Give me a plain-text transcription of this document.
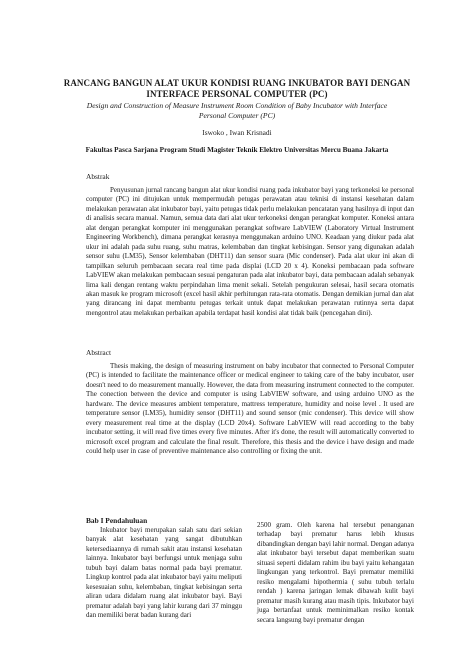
RANCANG BANGUN ALAT UKUR KONDISI RUANG INKUBATOR BAYI DENGAN INTERFACE PERSONAL COMPUTER (PC)
Design and Construction of Measure Instrument Room Condition of Baby Incubator with Interface Personal Computer (PC)
Iswoko , Iwan Krisnadi
Fakultas Pasca Sarjana Program Studi Magister Teknik Elektro Universitas Mercu Buana Jakarta
Abstrak

Penyusunan jurnal rancang bangun alat ukur kondisi ruang pada inkubator bayi yang terkoneksi ke personal computer (PC) ini ditujukan untuk mempermudah petugas perawatan atau teknisi di instansi kesehatan dalam melakukan perawatan alat inkubator bayi, yaitu petugas tidak perlu melakukan pencatatan yang hasilnya di input dan di analisis secara manual. Namun, semua data dari alat ukur terkoneksi dengan perangkat komputer. Koneksi antara alat dengan perangkat komputer ini menggunakan perangkat software LabVIEW (Laboratory Virtual Instrument Engineering Workbench), dimana perangkat kerasnya menggunakan arduino UNO. Keadaan yang diukur pada alat ukur ini adalah pada suhu ruang, suhu matras, kelembaban dan tingkat kebisingan. Sensor yang digunakan adalah sensor suhu (LM35), Sensor kelembaban (DHT11) dan sensor suara (Mic condenser). Pada alat ukur ini akan di tampilkan seluruh pembacaan secara real time pada displai (LCD 20 x 4). Koneksi pembacaan pada software LabVIEW akan melakukan pembacaan sesuai pengaturan pada alat inkubator bayi, data pembacaan adalah sebanyak lima kali dengan rentang waktu perpindahan lima menit sekali. Setelah pengukuran selesai, hasil secara otomatis akan masuk ke program microsoft (excel hasil akhir perhitungan rata-rata otomatis. Dengan demikian jurnal dan alat yang dirancang ini dapat membantu petugas terkait untuk dapat melakukan perawatan rutinnya serta dapat mengontrol atau melakukan perbaikan apabila terdapat hasil kondisi alat tidak baik (pencegahan dini).

Abstract

Thesis making, the design of measuring instrument on baby incubator that connected to Personal Computer (PC) is intended to facilitate the maintenance officer or medical engineer to taking care of the baby incubator, user doesn't need to do measurement manually. However, the data from measuring instrument connected to the computer. The conection between the device and computer is using LabVIEW software, and using arduino UNO as the hardware. The device measures ambient temperature, mattress temperature, humidity and noise level . It used are temperature sensor (LM35), humidity sensor (DHT11) and sound sensor (mic condenser). This device will show every measurement real time at the display (LCD 20x4). Software LabVIEW will read according to the baby incubator setting, it will read five times every five minutes. After it's done, the result will automatically converted to microsoft excel program and calculate the final result. Therefore, this thesis and the device i have design and made could help user in case of preventive maintenance also controlling or fixing the unit.

Bab I Pendahuluan

Inkubator bayi merupakan salah satu dari sekian banyak alat kesehatan yang sangat dibutuhkan ketersediaannya di rumah sakit atau instansi kesehatan lainnya. Inkubator bayi berfungsi untuk menjaga suhu tubuh bayi dalam batas normal pada bayi prematur. Lingkup kontrol pada alat inkubator bayi yaitu meliputi kesesuaian suhu, kelembaban, tingkat kebisingan serta aliran udara didalam ruang alat inkubator bayi. Bayi prematur adalah bayi yang lahir kurang dari 37 minggu dan memiliki berat badan kurang dari

2500 gram. Oleh karena hal tersebut penanganan terhadap bayi prematur harus lebih khusus dibandingkan dengan bayi lahir normal. Dengan adanya alat inkubator bayi tersebut dapat memberikan suatu situasi seperti didalam rahim ibu bayi yaitu kehangatan lingkungan yang terkontrol. Bayi prematur memiliki resiko mengalami hipothermia ( suhu tubuh terlalu rendah ) karena jaringan lemak dibawah kulit bayi prematur masih kurang atau masih tipis. Inkubator bayi juga bertanfaat untuk meminimalkan resiko kontak secara langsung bayi prematur dengan
